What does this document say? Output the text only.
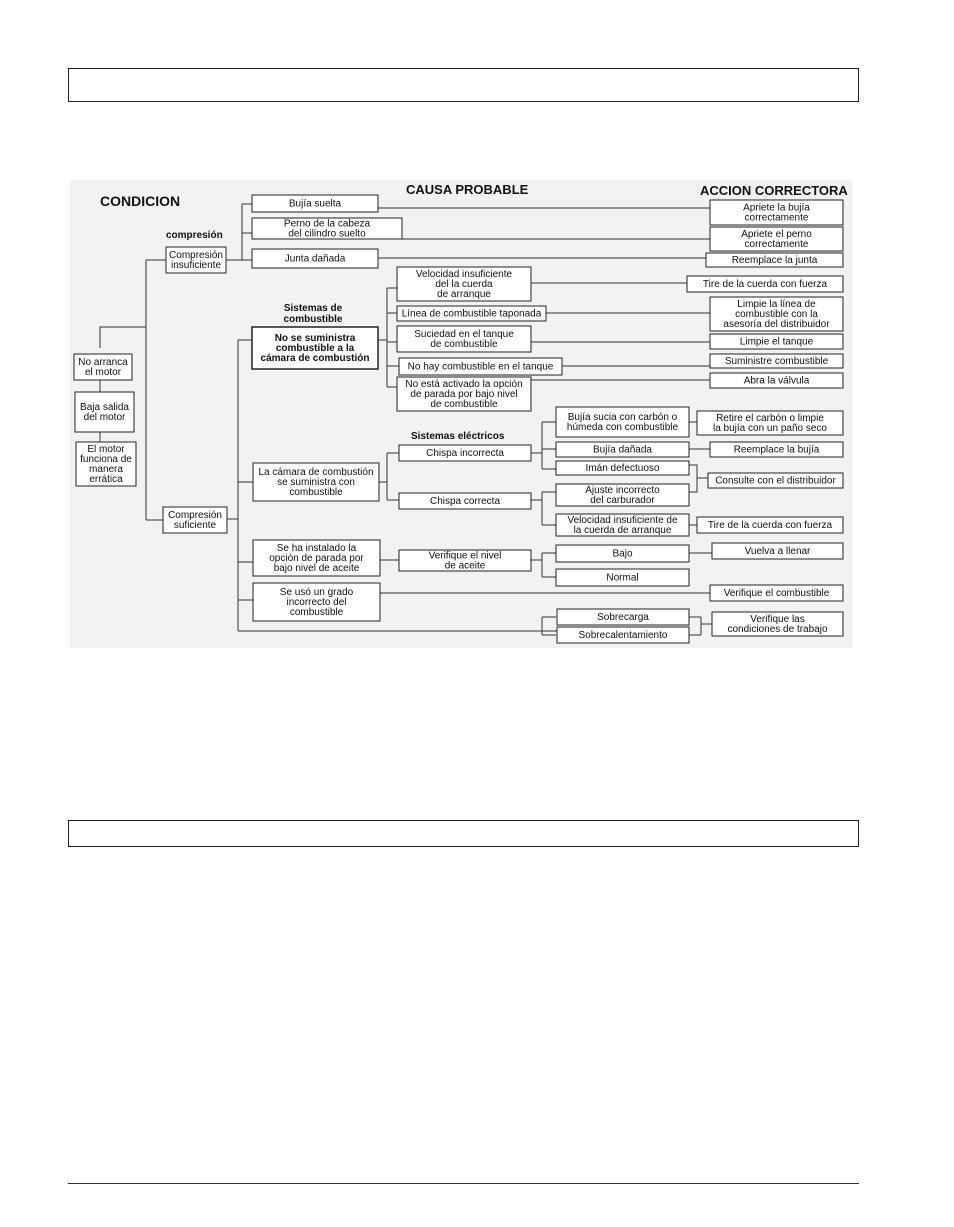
CONDICION
CAUSA PROBABLE	ACCION CORRECTORA
compresión
Sistemas de combustible
Sistemas eléctricos
No arranca el motor
Baja salida del motor
El motor funciona de manera errática
Compresión insuficiente
Compresión suficiente
Bujía suelta
Perno de la cabeza del cilindro suelto
Junta dañada
No se suministra combustible a la cámara de combustión
Velocidad insuficiente del la cuerda de arranque
Línea de combustible taponada
Suciedad en el tanque de combustible
No hay combustible en el tanque
No está activado la opción de parada por bajo nivel de combustible
La cámara de combustión se suministra con combustible
Chispa incorrecta
Chispa correcta
Bujía sucia con carbón o húmeda con combustible
Bujía dañada
Imán defectuoso
Ajuste incorrecto del carburador
Velocidad insuficiente de la cuerda de arranque
Se ha instalado la opción de parada por bajo nivel de aceite
Verifique el nivel de aceite
Bajo
Normal
Se usó un grado incorrecto del combustible	Sobrecarga
Sobrecalentamiento
Apriete la bujía correctamente
Apriete el perno correctamente
Reemplace la junta
Tire de la cuerda con fuerza
Limpie la línea de combustible con la asesoría del distribuidor
Limpie el tanque
Suministre combustible
Abra la válvula
Retire el carbón o limpie la bujía con un paño seco
Reemplace la bujía
Consulte con el distribuidor
Tire de la cuerda con fuerza
Vuelva a llenar
Verifique el combustible
Verifique las condiciones de trabajo
